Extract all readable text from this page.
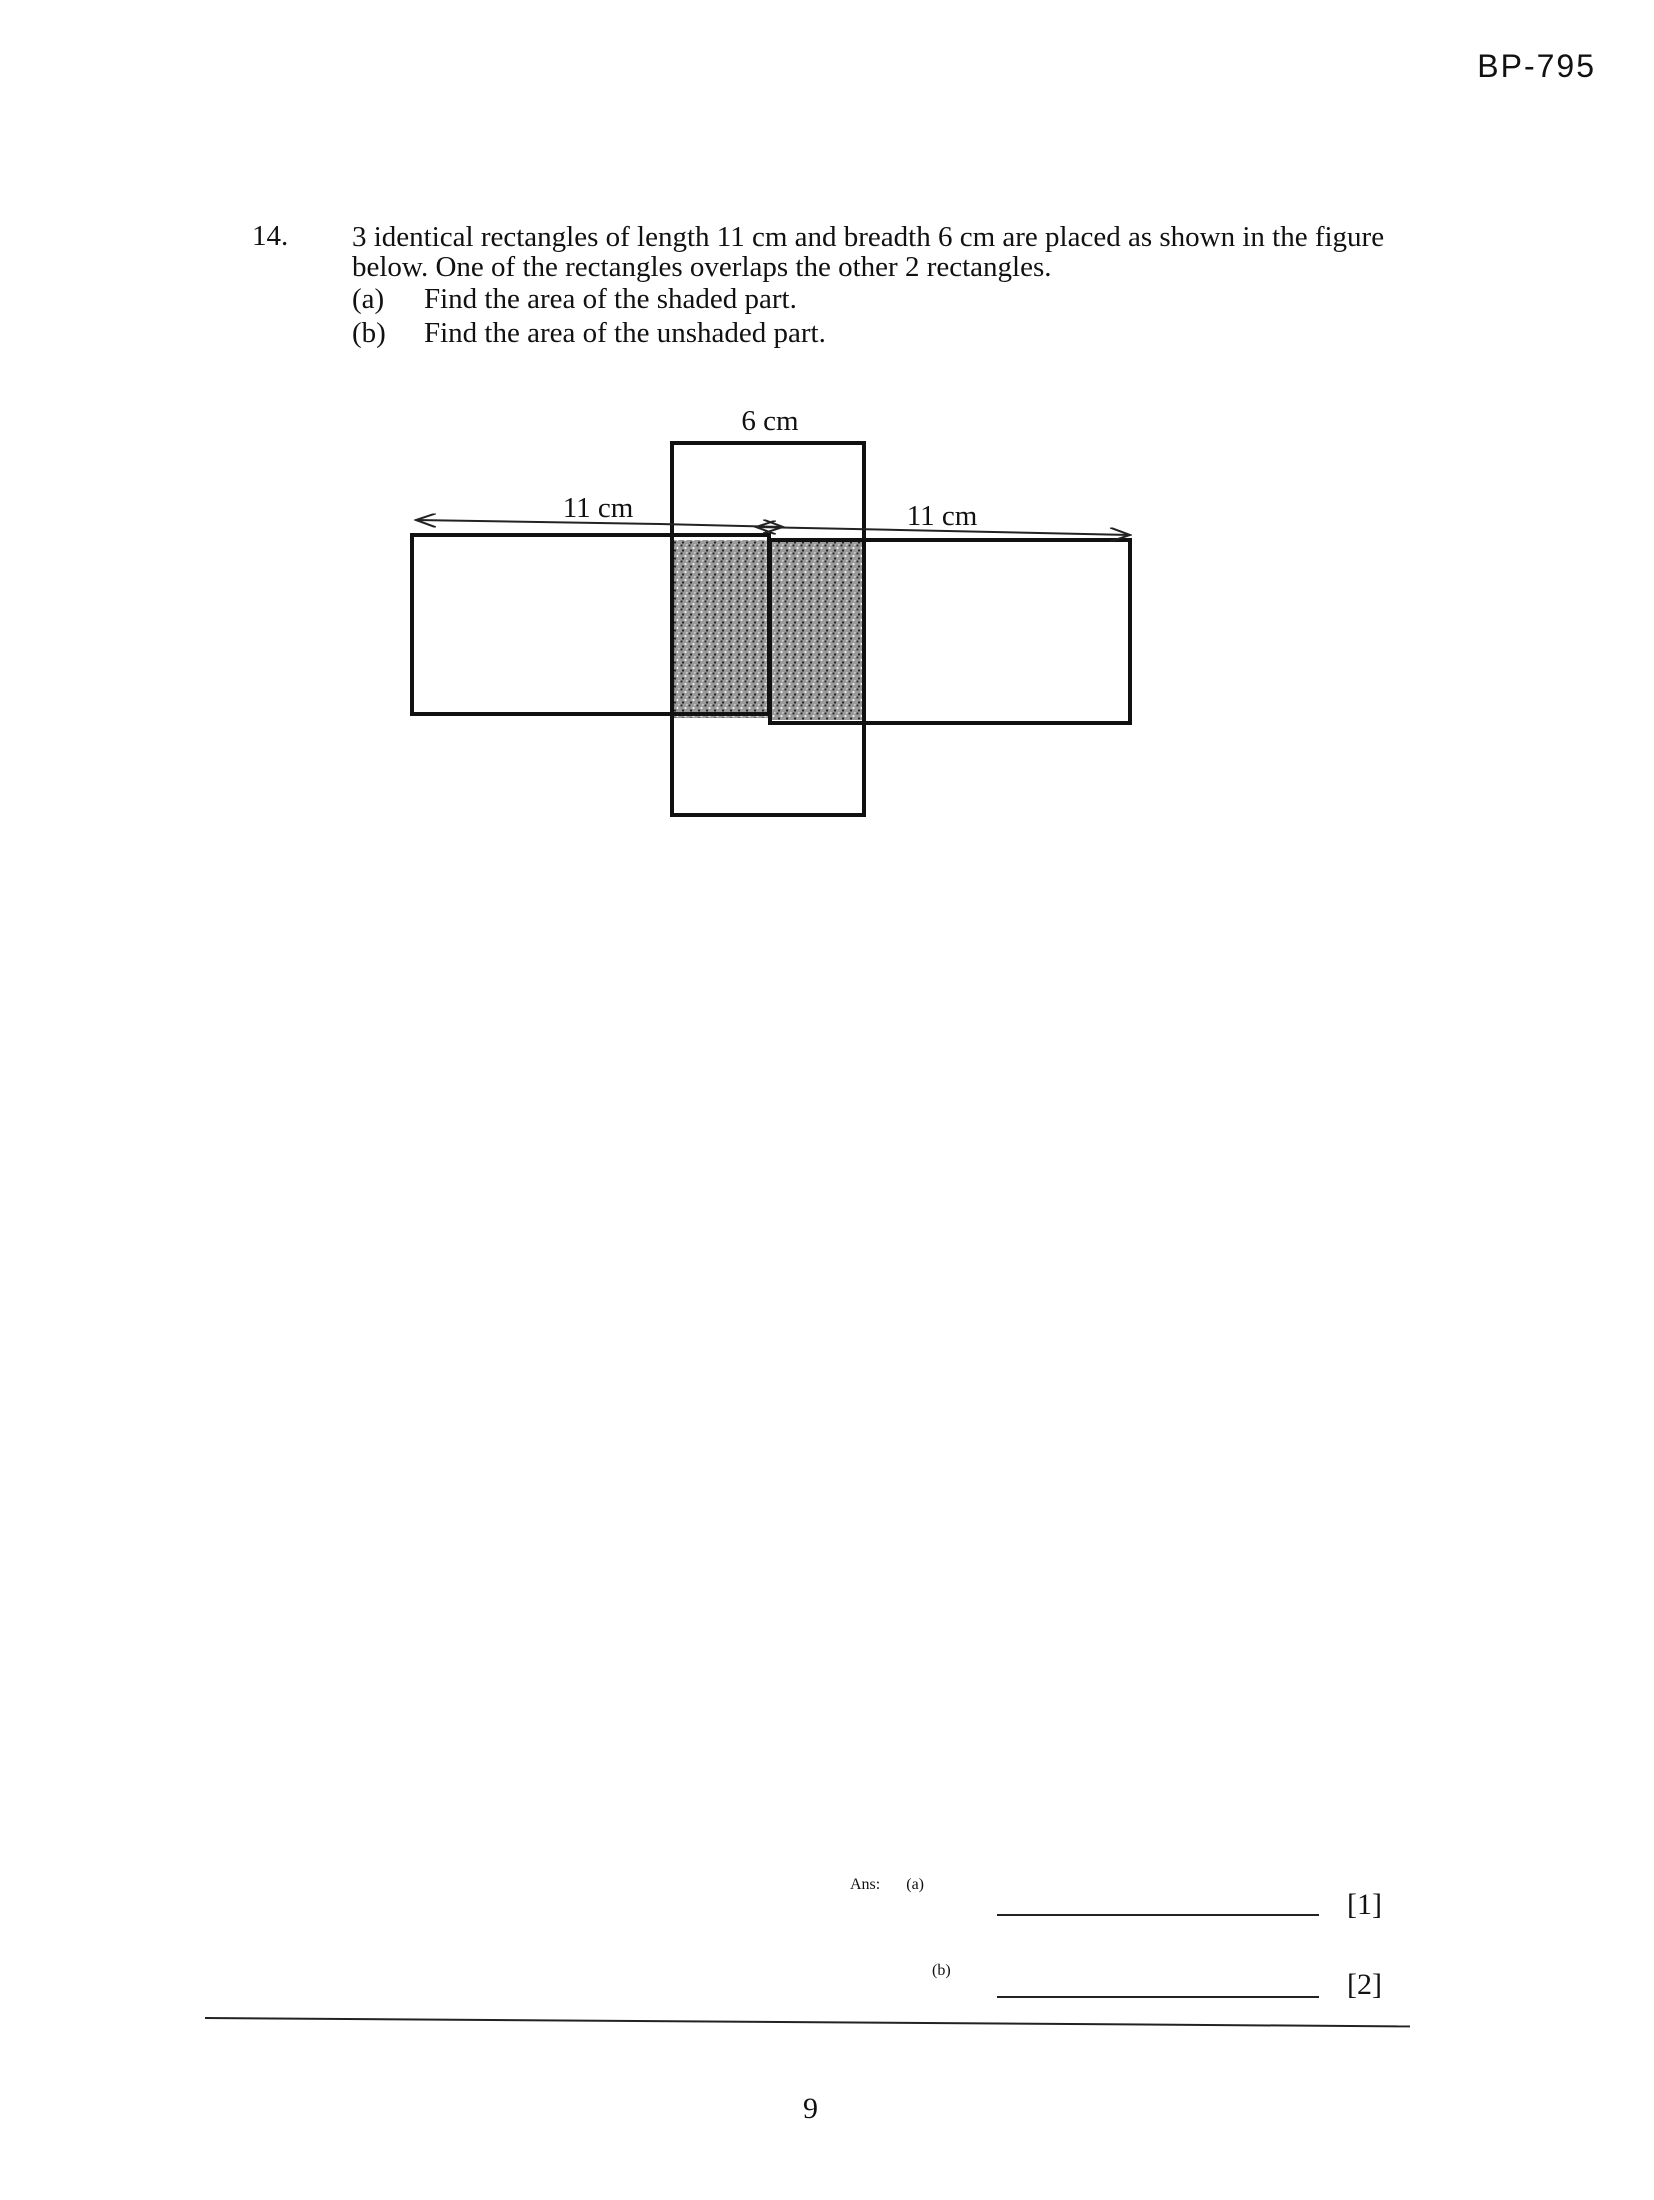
BP-795
14. 3 identical rectangles of length 11 cm and breadth 6 cm are placed as shown in the figure

below. One of the rectangles overlaps the other 2 rectangles.

(a)	Find the area of the shaded part.
(b)	Find the area of the unshaded part.
6 cm
11 cm	11 cm
Ans: (a)
[1]
(b)	[2]
9
